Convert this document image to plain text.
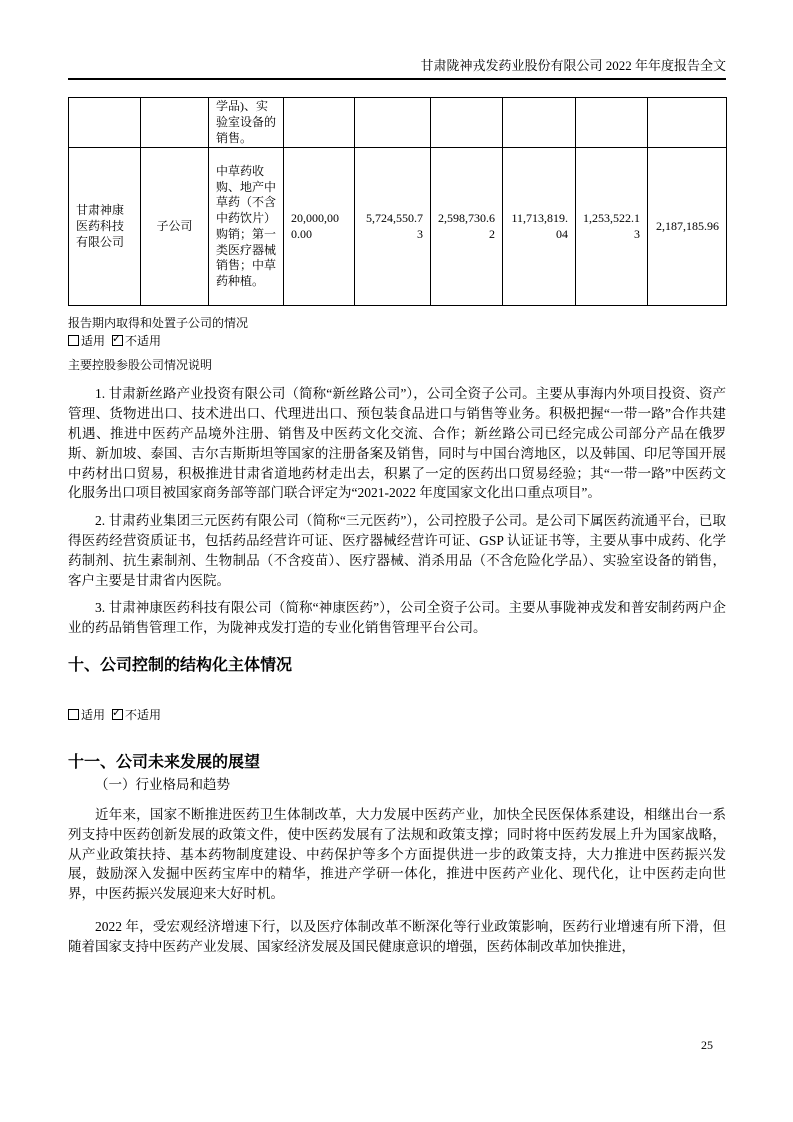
甘肃陇神戎发药业股份有限公司 2022 年年度报告全文
		学品)、实验室设备的销售。						
甘肃神康医药科技有限公司	子公司	中草药收购、地产中草药（不含中药饮片）购销；第一类医疗器械销售；中草药种植。	20,000,000.00	5,724,550.73	2,598,730.62	11,713,819.04	1,253,522.13	2,187,185.96
报告期内取得和处置子公司的情况
适用 ✓ 不适用
主要控股参股公司情况说明

1. 甘肃新丝路产业投资有限公司（简称“新丝路公司”），公司全资子公司。主要从事海内外项目投资、资产管理、货物进出口、技术进出口、代理进出口、预包装食品进口与销售等业务。积极把握“一带一路”合作共建机遇、推进中医药产品境外注册、销售及中医药文化交流、合作；新丝路公司已经完成公司部分产品在俄罗斯、新加坡、泰国、吉尔吉斯斯坦等国家的注册备案及销售，同时与中国台湾地区，以及韩国、印尼等国开展中药材出口贸易，积极推进甘肃省道地药材走出去，积累了一定的医药出口贸易经验；其“一带一路”中医药文化服务出口项目被国家商务部等部门联合评定为“2021-2022 年度国家文化出口重点项目”。

2. 甘肃药业集团三元医药有限公司（简称“三元医药”），公司控股子公司。是公司下属医药流通平台，已取得医药经营资质证书，包括药品经营许可证、医疗器械经营许可证、GSP 认证证书等，主要从事中成药、化学药制剂、抗生素制剂、生物制品（不含疫苗）、医疗器械、消杀用品（不含危险化学品）、实验室设备的销售，客户主要是甘肃省内医院。

3. 甘肃神康医药科技有限公司（简称“神康医药”），公司全资子公司。主要从事陇神戎发和普安制药两户企业的药品销售管理工作，为陇神戎发打造的专业化销售管理平台公司。

十、公司控制的结构化主体情况
适用 ✓ 不适用
十一、公司未来发展的展望
（一）行业格局和趋势

近年来，国家不断推进医药卫生体制改革，大力发展中医药产业，加快全民医保体系建设，相继出台一系列支持中医药创新发展的政策文件，使中医药发展有了法规和政策支撑；同时将中医药发展上升为国家战略，从产业政策扶持、基本药物制度建设、中药保护等多个方面提供进一步的政策支持，大力推进中医药振兴发展，鼓励深入发掘中医药宝库中的精华，推进产学研一体化，推进中医药产业化、现代化，让中医药走向世界，中医药振兴发展迎来大好时机。

2022 年，受宏观经济增速下行，以及医疗体制改革不断深化等行业政策影响，医药行业增速有所下滑，但随着国家支持中医药产业发展、国家经济发展及国民健康意识的增强，医药体制改革加快推进，

25
